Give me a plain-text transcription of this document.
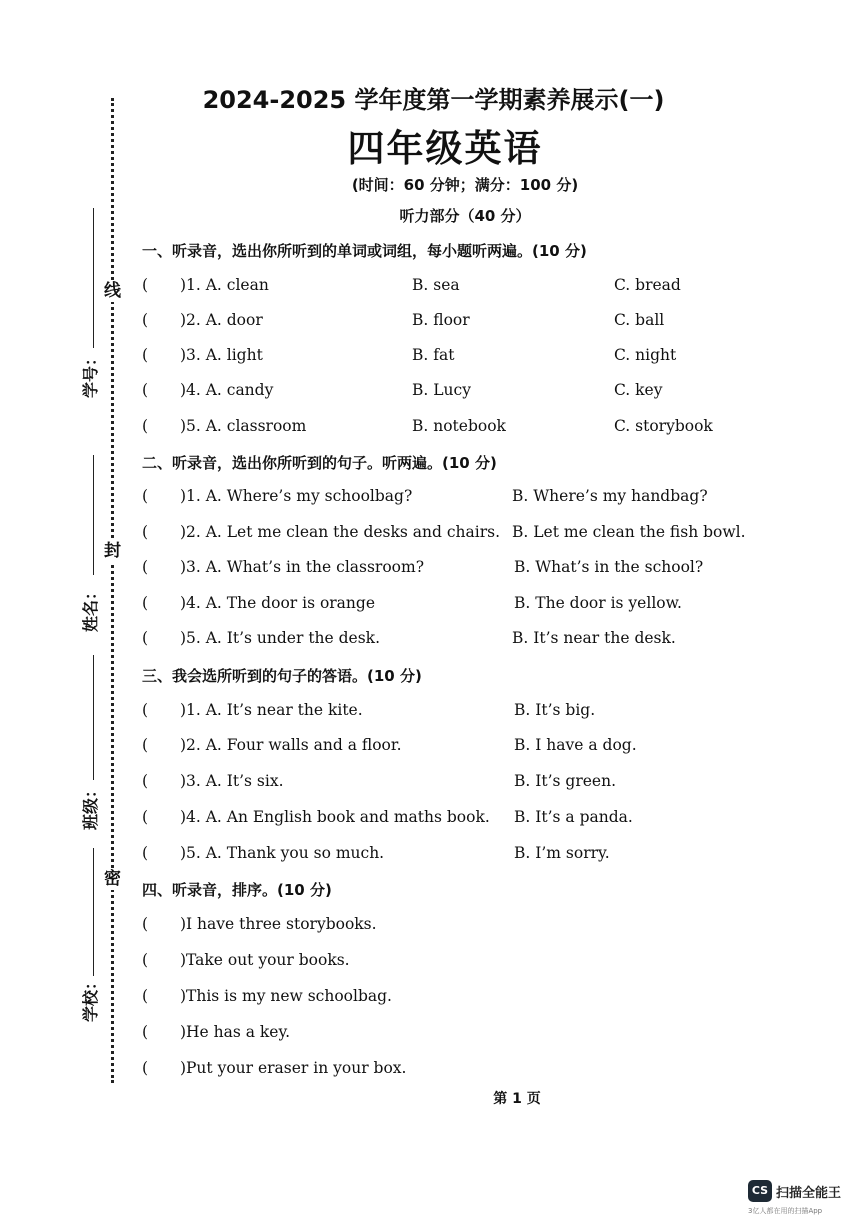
线
封
密
学号：
姓名：
班级：
学校：
2024-2025 学年度第一学期素养展示(一)
四年级英语
(时间：60 分钟；满分：100 分)
听力部分（40 分）
一、听录音，选出你所听到的单词或词组，每小题听两遍。(10 分)
( ) 1. A. clean	B. sea	C. bread
( ) 2. A. door	B. floor	C. ball
( ) 3. A. light	B. fat	C. night
( ) 4. A. candy	B. Lucy	C. key
( ) 5. A. classroom	B. notebook	C. storybook
二、听录音，选出你所听到的句子。听两遍。(10 分)
( ) 1. A. Where’s my schoolbag?	B. Where’s my handbag?
( ) 2. A. Let me clean the desks and chairs. B. Let me clean the fish bowl.
( ) 3. A. What’s in the classroom?	B. What’s in the school?
( ) 4. A. The door is orange	B. The door is yellow.
( ) 5. A. It’s under the desk.	B. It’s near the desk.
三、我会选所听到的句子的答语。(10 分)
( ) 1. A. It’s near the kite.	B. It’s big.
( ) 2. A. Four walls and a floor.	B. I have a dog.
( ) 3. A. It’s six.	B. It’s green.
( ) 4. A. An English book and maths book. B. It’s a panda.
( ) 5. A. Thank you so much.	B. I’m sorry.
四、听录音，排序。(10 分)
( ) I have three storybooks.
( ) Take out your books.
( ) This is my new schoolbag.
( ) He has a key.
( ) Put your eraser in your box.
第 1 页
CS 扫描全能王
3亿人都在用的扫描App
